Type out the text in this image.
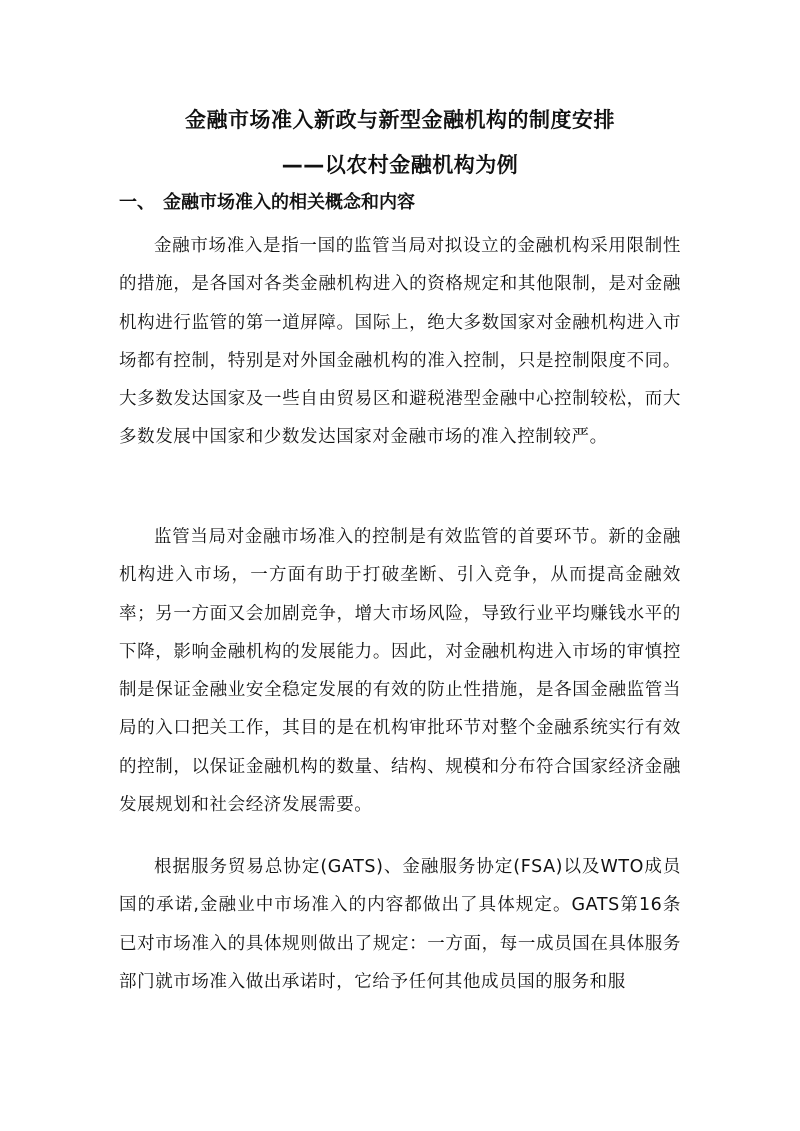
金融市场准入新政与新型金融机构的制度安排
——以农村金融机构为例
一、 金融市场准入的相关概念和内容

金融市场准入是指一国的监管当局对拟设立的金融机构采用限制性的措施，是各国对各类金融机构进入的资格规定和其他限制，是对金融机构进行监管的第一道屏障。国际上，绝大多数国家对金融机构进入市场都有控制，特别是对外国金融机构的准入控制，只是控制限度不同。大多数发达国家及一些自由贸易区和避税港型金融中心控制较松，而大多数发展中国家和少数发达国家对金融市场的准入控制较严。

监管当局对金融市场准入的控制是有效监管的首要环节。新的金融机构进入市场，一方面有助于打破垄断、引入竞争，从而提高金融效率；另一方面又会加剧竞争，增大市场风险，导致行业平均赚钱水平的下降，影响金融机构的发展能力。因此，对金融机构进入市场的审慎控制是保证金融业安全稳定发展的有效的防止性措施，是各国金融监管当局的入口把关工作，其目的是在机构审批环节对整个金融系统实行有效的控制，以保证金融机构的数量、结构、规模和分布符合国家经济金融发展规划和社会经济发展需要。

根据服务贸易总协定(GATS)、金融服务协定(FSA)以及WTO成员国的承诺,金融业中市场准入的内容都做出了具体规定。GATS第16条已对市场准入的具体规则做出了规定：一方面，每一成员国在具体服务部门就市场准入做出承诺时，它给予任何其他成员国的服务和服
